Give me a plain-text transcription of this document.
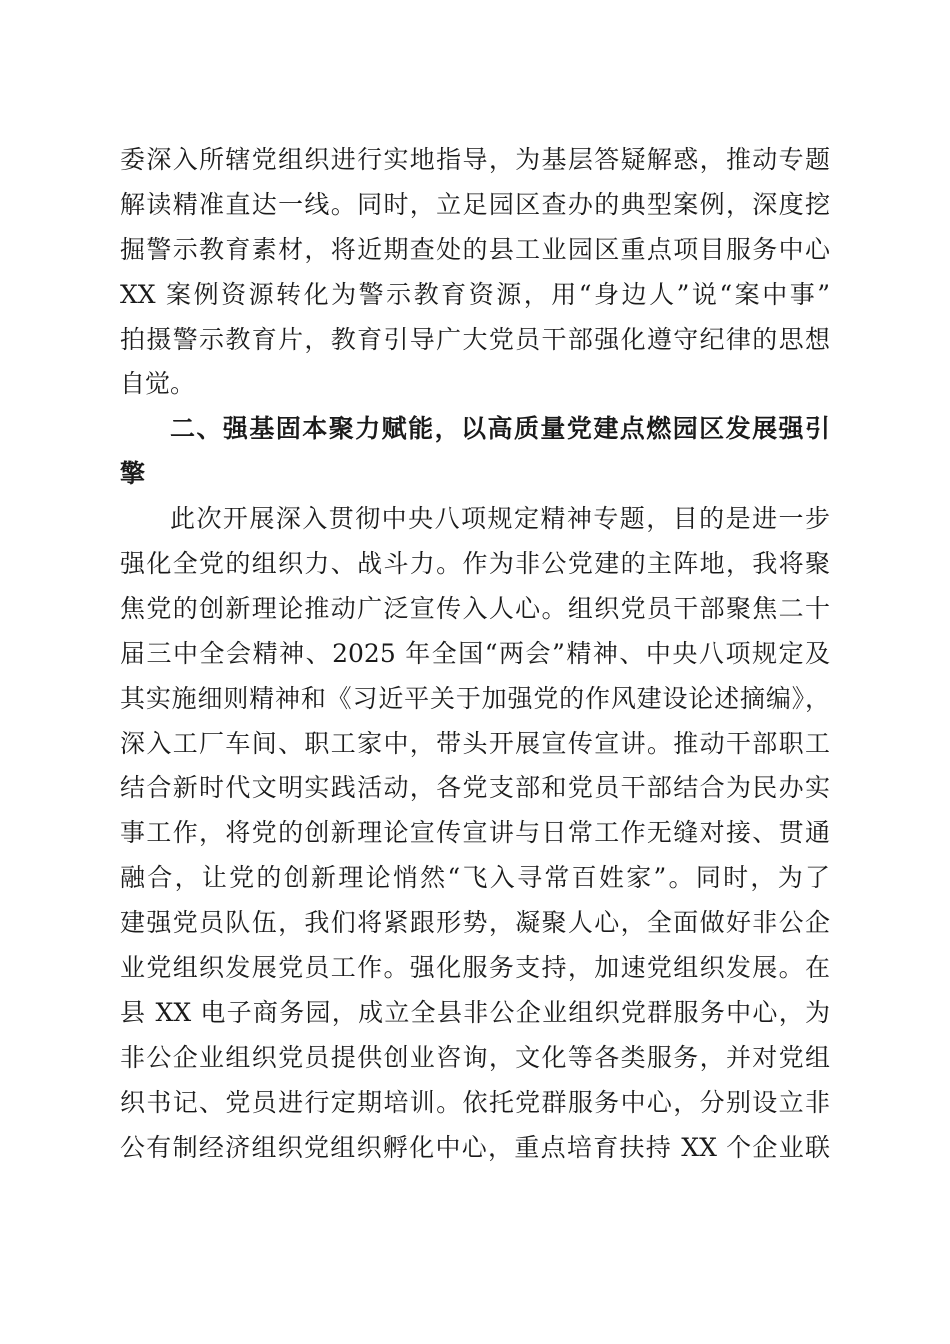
委深入所辖党组织进行实地指导，为基层答疑解惑，推动专题
解读精准直达一线。同时，立足园区查办的典型案例，深度挖
掘警示教育素材，将近期查处的县工业园区重点项目服务中心
XX 案例资源转化为警示教育资源，用“身边人”说“案中事”
拍摄警示教育片，教育引导广大党员干部强化遵守纪律的思想
自觉。
二、强基固本聚力赋能，以高质量党建点燃园区发展强引
擎
此次开展深入贯彻中央八项规定精神专题，目的是进一步
强化全党的组织力、战斗力。作为非公党建的主阵地，我将聚
焦党的创新理论推动广泛宣传入人心。组织党员干部聚焦二十
届三中全会精神、2025 年全国“两会”精神、中央八项规定及
其实施细则精神和《习近平关于加强党的作风建设论述摘编》，
深入工厂车间、职工家中，带头开展宣传宣讲。推动干部职工
结合新时代文明实践活动，各党支部和党员干部结合为民办实
事工作，将党的创新理论宣传宣讲与日常工作无缝对接、贯通
融合，让党的创新理论悄然“飞入寻常百姓家”。同时，为了
建强党员队伍，我们将紧跟形势，凝聚人心，全面做好非公企
业党组织发展党员工作。强化服务支持，加速党组织发展。在
县 XX 电子商务园，成立全县非公企业组织党群服务中心，为
非公企业组织党员提供创业咨询，文化等各类服务，并对党组
织书记、党员进行定期培训。依托党群服务中心，分别设立非
公有制经济组织党组织孵化中心，重点培育扶持 XX 个企业联
